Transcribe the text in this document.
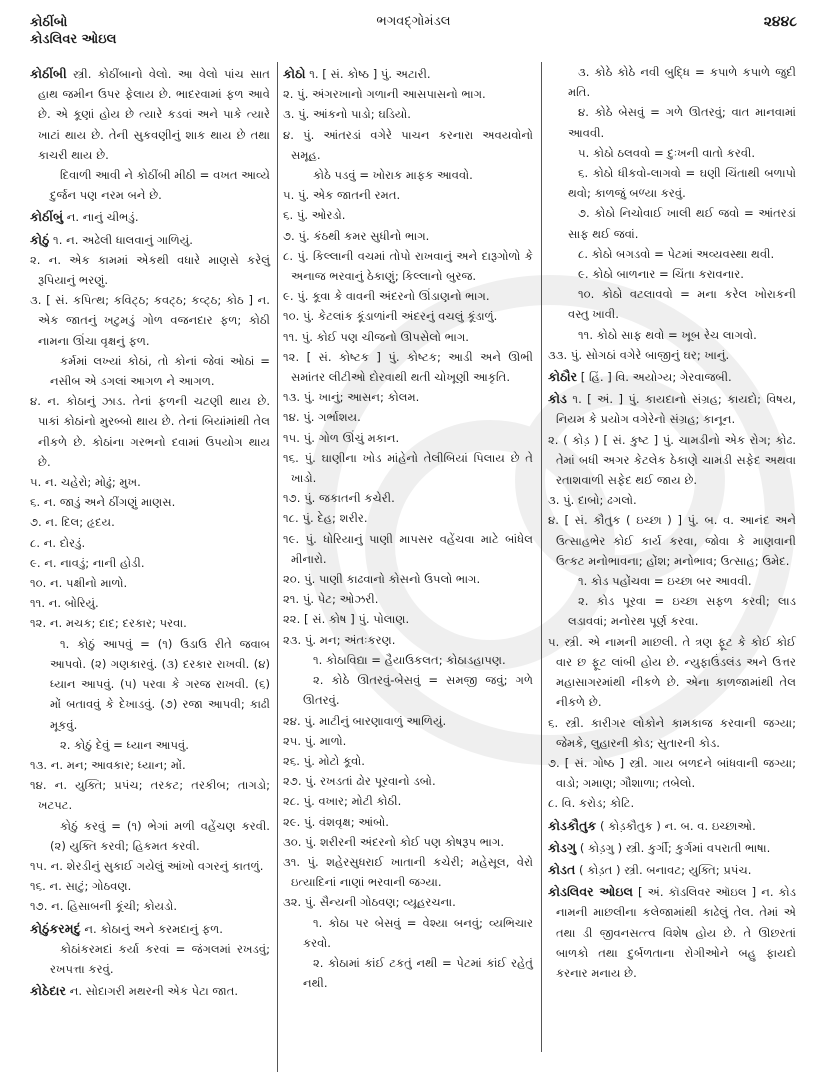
કોઠીંબો
કોડલિવર ઓઇલ
ભગવદ્ગોમંડલ	૨૪૪૮

કોઠીંબી સ્ત્રી. કોઠીંબાનો વેલો. આ વેલો પાંચ સાત હાથ જમીન ઉપર ફેલાય છે. ભાદરવામાં ફળ આવે છે. એ કૂણાં હોય છે ત્યારે કડવાં અને પાકે ત્યારે ખાટાં થાય છે. તેની સુકવણીનું શાક થાય છે તથા કાચરી થાય છે.

દિવાળી આવી ને કોઠીંબી મીઠી = વખત આવ્યે દુર્જન પણ નરમ બને છે.

કોઠીંબું ન. નાનું ચીભડું.

કોઠું ૧. ન. અઢેલી ધાલવાનું ગાળિયું.

૨. ન. એક કામમાં એકથી વધારે માણસે કરેલું રૂપિયાનું ભરણું.

૩. [ સં. કપિત્થ; કવિટ્ઠ; કવટ્ઠ; કવ્ટ્ઠ; કોઠ ] ન. એક જાતનું ખટુમડું ગોળ વજનદાર ફળ; કોઠી નામના ઊંચા વૃક્ષનું ફળ.

કર્મમાં લખ્યાં કોઠાં, તો કોનાં જેવાં ઓઠાં = નસીબ એ ડગલાં આગળ ને આગળ.

૪. ન. કોઠાનું ઝાડ. તેનાં ફળની ચટણી થાય છે. પાકાં કોઠાંનો મુરબ્બો થાય છે. તેનાં બિયાંમાંથી તેલ નીકળે છે. કોઠાંના ગરભનો દવામાં ઉપયોગ થાય છે.

૫. ન. ચહેરો; મોઢું; મુખ.

૬. ન. જાડું અને ઠીંગણું માણસ.

૭. ન. દિલ; હૃદય.

૮. ન. દોરડું.

૯. ન. નાવડું; નાની હોડી.

૧૦. ન. પક્ષીનો માળો.

૧૧. ન. બોરિયું.

૧૨. ન. મચક; દાદ; દરકાર; પરવા.

૧. કોઠું આપવું = (૧) ઉડાઉ રીતે જવાબ આપવો. (૨) ગણકારવું. (૩) દરકાર રાખવી. (૪) ધ્યાન આપવું. (૫) પરવા કે ગરજ રાખવી. (૬) મોં બતાવવું કે દેખાડવું. (૭) રજા આપવી; કાઢી મૂકવું.

૨. કોઠું દેવું = ધ્યાન આપવું.

૧૩. ન. મન; આવકાર; ધ્યાન; મોં.

૧૪. ન. યુક્તિ; પ્રપંચ; તરકટ; તરકીબ; તાગડો; ખટપટ.

કોઠું કરવું = (૧) ભેગાં મળી વહેંચણ કરવી. (૨) યુક્તિ કરવી; હિકમત કરવી.

૧૫. ન. શેરડીનું સુકાઈ ગયેલું આંખો વગરનું કાતળું.

૧૬. ન. સાટું; ગોઠવણ.

૧૭. ન. હિસાબની કૂંચી; કોયડો.

કોઠુંકરમદું ન. કોઠાનું અને કરમદાનું ફળ.

કોઠાંકરમદાં કર્યા કરવાં = જંગલમાં રખડવું; રખપત્તા કરવું.

કોઠેદાર ન. સોદાગરી મથરની એક પેટા જાત.

કોઠો ૧. [ સં. કોષ્ઠ ] પું. અટારી.

૨. પું. અંગરખાનો ગળાની આસપાસનો ભાગ.

૩. પું. આંકનો પાડો; ઘડિયો.

૪. પું. આંતરડાં વગેરે પાચન કરનારા અવયવોનો સમૂહ.

કોઠે પડવું = ખોરાક માફક આવવો.

૫. પું. એક જાતની રમત.

૬. પું. ઓરડો.

૭. પું. કંઠથી કમર સુધીનો ભાગ.

૮. પું. કિલ્લાની વચમાં તોપો રાખવાનું અને દારૂગોળો કે અનાજ ભરવાનું ઠેકાણું; કિલ્લાનો બુરજ.

૯. પું. કૂવા કે વાવની અંદરનો ઊંડાણનો ભાગ.

૧૦. પું. કેટલાંક કૂંડાળાંની અંદરનું વચલું કૂંડાળું.

૧૧. પું. કોઈ પણ ચીજનો ઊપસેલો ભાગ.

૧૨. [ સં. કોષ્ટક ] પું. કોષ્ટક; આડી અને ઊભી સમાંતર લીટીઓ દોરવાથી થતી ચોખૂણી આકૃતિ.

૧૩. પું. ખાનું; આસન; કોલમ.

૧૪. પું. ગર્ભાશય.

૧૫. પું. ગોળ ઊંચું મકાન.

૧૬. પું. ઘાણીના ખોડ માંહેનો તેલીબિયાં પિલાય છે તે ખાડો.

૧૭. પું. જકાતની કચેરી.

૧૮. પું. દેહ; શરીર.

૧૯. પું. ધોરિયાનું પાણી માપસર વહેંચવા માટે બાંધેલ મીનારો.

૨૦. પું. પાણી કાઢવાનો કોસનો ઉપલો ભાગ.

૨૧. પું. પેટ; ઓઝરી.

૨૨. [ સં. કોષ ] પું. પોલાણ.

૨૩. પું. મન; અંતઃકરણ.

૧. કોઠાવિદ્યા = હૈયાઉકલત; કોઠાડહાપણ.

૨. કોઠે ઊતરવું-બેસવું = સમજી જવું; ગળે ઊતરવું.

૨૪. પું. માટીનું બારણાવાળું આળિયું.

૨૫. પું. માળો.

૨૬. પું. મોટો કૂવો.

૨૭. પું. રખડતાં ઢોર પૂરવાનો ડબો.

૨૮. પું. વખાર; મોટી કોઠી.

૨૯. પું. વંશવૃક્ષ; આંબો.

૩૦. પું. શરીરની અંદરનો કોઈ પણ કોષરૂપ ભાગ.

૩૧. પું. શહેરસુધરાઈ ખાતાની કચેરી; મહેસૂલ, વેરો ઇત્યાદિનાં નાણાં ભરવાની જગ્યા.

૩૨. પું. સૈન્યની ગોઠવણ; વ્યૂહરચના.

૧. કોઠા પર બેસવું = વેશ્યા બનવું; વ્યભિચાર કરવો.

૨. કોઠામાં કાંઈ ટકતું નથી = પેટમાં કાંઈ રહેતું નથી.

૩. કોઠે કોઠે નવી બુદ્ધિ = કપાળે કપાળે જુદી મતિ.

૪. કોઠે બેસવું = ગળે ઊતરવું; વાત માનવામાં આવવી.

૫. કોઠો ઠલવવો = દુઃખની વાતો કરવી.

૬. કોઠો ધીકવો-લાગવો = ઘણી ચિંતાથી બળાપો થવો; કાળજું બળ્યા કરવું.

૭. કોઠો નિચોવાઈ ખાલી થઈ જવો = આંતરડાં સાફ થઈ જવાં.

૮. કોઠો બગડવો = પેટમાં અવ્યવસ્થા થવી.

૯. કોઠો બાળનાર = ચિંતા કરાવનાર.

૧૦. કોઠો વટલાવવો = મના કરેલ ખોરાકની વસ્તુ ખાવી.

૧૧. કોઠો સાફ થવો = ખૂબ રેચ લાગવો.

૩૩. પું. સોગઠાં વગેરે બાજીનું ઘર; ખાનું.

કોઠૌર [ હિં. ] વિ. અયોગ્ય; ગેરવાજબી.

કોડ ૧. [ અં. ] પું. કાયદાનો સંગ્રહ; કાયદો; વિષય, નિયમ કે પ્રયોગ વગેરેનો સંગ્રહ; કાનૂન.

૨. ( કોડ઼ ) [ સં. કુષ્ટ ] પું. ચામડીનો એક રોગ; કોઢ. તેમાં બધી અગર કેટલેક ઠેકાણે ચામડી સફેદ અથવા રતાશવાળી સફેદ થઈ જાય છે.

૩. પું. દાબો; ઢગલો.

૪. [ સં. કૌતુક ( ઇચ્છા ) ] પું. બ. વ. આનંદ અને ઉત્સાહભેર કોઈ કાર્ય કરવા, જોવા કે માણવાની ઉત્કટ મનોભાવના; હોંશ; મનોભાવ; ઉત્સાહ; ઉમેદ.

૧. કોડ પહોંચવા = ઇચ્છા બર આવવી.

૨. કોડ પૂરવા = ઇચ્છા સફળ કરવી; લાડ લડાવવાં; મનોરથ પૂર્ણ કરવા.

૫. સ્ત્રી. એ નામની માછલી. તે ત્રણ ફૂટ કે કોઈ કોઈ વાર છ ફૂટ લાંબી હોય છે. ન્યુફાઉંડલંડ અને ઉત્તર મહાસાગરમાંથી નીકળે છે. એના કાળજામાંથી તેલ નીકળે છે.

૬. સ્ત્રી. કારીગર લોકોને કામકાજ કરવાની જગ્યા; જેમકે, લુહારની કોડ; સુતારની કોડ.

૭. [ સં. ગોષ્ઠ ] સ્ત્રી. ગાય બળદને બાંધવાની જગ્યા; વાડો; ગમાણ; ગૌશાળા; તબેલો.

૮. વિ. કરોડ; કોટિ.

કોડકૌતુક ( કોડ઼કૌતુક ) ન. બ. વ. ઇચ્છાઓ.

કોડગુ ( કોડ઼ગુ ) સ્ત્રી. કુર્ગી; કુર્ગમાં વપરાતી ભાષા.

કોડત ( કોડ઼ત ) સ્ત્રી. બનાવટ; યુક્તિ; પ્રપંચ.

કોડલિવર ઓઇલ [ અં. કૉડલિવર ઑઇલ ] ન. કોડ નામની માછલીના કલેજામાંથી કાઢેલું તેલ. તેમાં એ તથા ડી જીવનસત્ત્વ વિશેષ હોય છે. તે ઊછરતાં બાળકો તથા દુર્બળતાના રોગીઓને બહુ ફાયદો કરનાર મનાય છે.
